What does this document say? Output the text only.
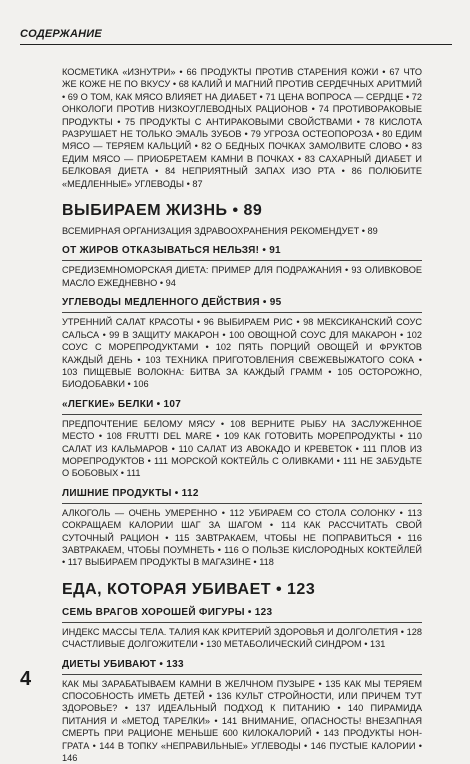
СОДЕРЖАНИЕ

КОСМЕТИКА «ИЗНУТРИ» • 66 ПРОДУКТЫ ПРОТИВ СТАРЕНИЯ КОЖИ • 67 ЧТО ЖЕ КОЖЕ НЕ ПО ВКУСУ • 68 КАЛИЙ И МАГНИЙ ПРОТИВ СЕРДЕЧНЫХ АРИТМИЙ • 69 О ТОМ, КАК МЯСО ВЛИЯЕТ НА ДИАБЕТ • 71 ЦЕНА ВОПРОСА — СЕРДЦЕ • 72 ОНКОЛОГИ ПРОТИВ НИЗКОУГЛЕВОДНЫХ РАЦИОНОВ • 74 ПРОТИВОРАКОВЫЕ ПРОДУКТЫ • 75 ПРОДУКТЫ С АНТИРАКОВЫМИ СВОЙСТВАМИ • 78 КИСЛОТА РАЗРУШАЕТ НЕ ТОЛЬКО ЭМАЛЬ ЗУБОВ • 79 УГРОЗА ОСТЕОПОРОЗА • 80 ЕДИМ МЯСО — ТЕРЯЕМ КАЛЬЦИЙ • 82 О БЕДНЫХ ПОЧКАХ ЗАМОЛВИТЕ СЛОВО • 83 ЕДИМ МЯСО — ПРИОБРЕТАЕМ КАМНИ В ПОЧКАХ • 83 САХАРНЫЙ ДИАБЕТ И БЕЛКОВАЯ ДИЕТА • 84 НЕПРИЯТНЫЙ ЗАПАХ ИЗО РТА • 86 ПОЛЮБИТЕ «МЕДЛЕННЫЕ» УГЛЕВОДЫ • 87

ВЫБИРАЕМ ЖИЗНЬ • 89

ВСЕМИРНАЯ ОРГАНИЗАЦИЯ ЗДРАВООХРАНЕНИЯ РЕКОМЕНДУЕТ • 89

ОТ ЖИРОВ ОТКАЗЫВАТЬСЯ НЕЛЬЗЯ! • 91

СРЕДИЗЕМНОМОРСКАЯ ДИЕТА: ПРИМЕР ДЛЯ ПОДРАЖАНИЯ • 93 ОЛИВКОВОЕ МАСЛО ЕЖЕДНЕВНО • 94

УГЛЕВОДЫ МЕДЛЕННОГО ДЕЙСТВИЯ • 95

УТРЕННИЙ САЛАТ КРАСОТЫ • 96 ВЫБИРАЕМ РИС • 98 МЕКСИКАНСКИЙ СОУС САЛЬСА • 99 В ЗАЩИТУ МАКАРОН • 100 ОВОЩНОЙ СОУС ДЛЯ МАКАРОН • 102 СОУС С МОРЕПРОДУКТАМИ • 102 ПЯТЬ ПОРЦИЙ ОВОЩЕЙ И ФРУКТОВ КАЖДЫЙ ДЕНЬ • 103 ТЕХНИКА ПРИГОТОВЛЕНИЯ СВЕЖЕВЫЖАТОГО СОКА • 103 ПИЩЕВЫЕ ВОЛОКНА: БИТВА ЗА КАЖДЫЙ ГРАММ • 105 ОСТОРОЖНО, БИОДОБАВКИ • 106

«ЛЕГКИЕ» БЕЛКИ • 107

ПРЕДПОЧТЕНИЕ БЕЛОМУ МЯСУ • 108 ВЕРНИТЕ РЫБУ НА ЗАСЛУЖЕННОЕ МЕСТО • 108 FRUTTI DEL MARE • 109 КАК ГОТОВИТЬ МОРЕПРОДУКТЫ • 110 САЛАТ ИЗ КАЛЬМАРОВ • 110 САЛАТ ИЗ АВОКАДО И КРЕВЕТОК • 111 ПЛОВ ИЗ МОРЕПРОДУКТОВ • 111 МОРСКОЙ КОКТЕЙЛЬ С ОЛИВКАМИ • 111 НЕ ЗАБУДЬТЕ О БОБОВЫХ • 111

ЛИШНИЕ ПРОДУКТЫ • 112

АЛКОГОЛЬ — ОЧЕНЬ УМЕРЕННО • 112 УБИРАЕМ СО СТОЛА СОЛОНКУ • 113 СОКРАЩАЕМ КАЛОРИИ ШАГ ЗА ШАГОМ • 114 КАК РАССЧИТАТЬ СВОЙ СУТОЧНЫЙ РАЦИОН • 115 ЗАВТРАКАЕМ, ЧТОБЫ НЕ ПОПРАВИТЬСЯ • 116 ЗАВТРАКАЕМ, ЧТОБЫ ПОУМНЕТЬ • 116 О ПОЛЬЗЕ КИСЛОРОДНЫХ КОКТЕЙЛЕЙ • 117 ВЫБИРАЕМ ПРОДУКТЫ В МАГАЗИНЕ • 118

ЕДА, КОТОРАЯ УБИВАЕТ • 123
СЕМЬ ВРАГОВ ХОРОШЕЙ ФИГУРЫ • 123

ИНДЕКС МАССЫ ТЕЛА. ТАЛИЯ КАК КРИТЕРИЙ ЗДОРОВЬЯ И ДОЛГОЛЕТИЯ • 128 СЧАСТЛИВЫЕ ДОЛГОЖИТЕЛИ • 130 МЕТАБОЛИЧЕСКИЙ СИНДРОМ • 131

ДИЕТЫ УБИВАЮТ • 133

КАК МЫ ЗАРАБАТЫВАЕМ КАМНИ В ЖЕЛЧНОМ ПУЗЫРЕ • 135 КАК МЫ ТЕРЯЕМ СПОСОБНОСТЬ ИМЕТЬ ДЕТЕЙ • 136 КУЛЬТ СТРОЙНОСТИ, ИЛИ ПРИЧЕМ ТУТ ЗДОРОВЬЕ? • 137 ИДЕАЛЬНЫЙ ПОДХОД К ПИТАНИЮ • 140 ПИРАМИДА ПИТАНИЯ И «МЕТОД ТАРЕЛКИ» • 141 ВНИМАНИЕ, ОПАСНОСТЬ! ВНЕЗАПНАЯ СМЕРТЬ ПРИ РАЦИОНЕ МЕНЬШЕ 600 КИЛОКАЛОРИЙ • 143 ПРОДУКТЫ НОН-ГРАТА • 144 В ТОПКУ «НЕПРАВИЛЬНЫЕ» УГЛЕВОДЫ • 146 ПУСТЫЕ КАЛОРИИ • 146

4
